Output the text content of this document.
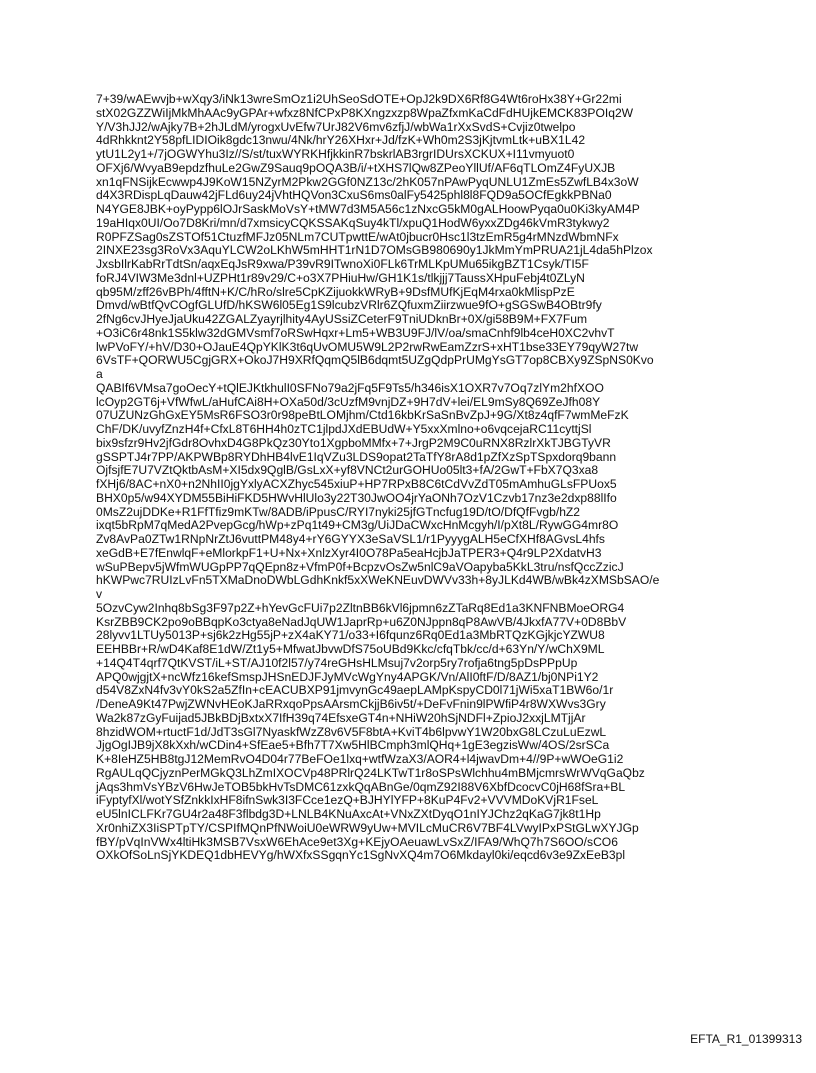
7+39/wAEwvjb+wXqy3/iNk13wreSmOz1i2UhSeoSdOTE+OpJ2k9DX6Rf8G4Wt6roHx38Y+Gr22mi
stX02GZZWiIjMkMhAAc9yGPAr+wfxz8NfCPxP8KXngzxzp8WpaZfxmKaCdFdHUjkEMCK83POIq2W
Y/V3hJJ2/wAjky7B+2hJLdM/yrogxUvEfw7UrJ82V6mv6zfjJ/wbWa1rXxSvdS+Cvjiz0twelpo
4dRhkknt2Y58pfLIDIOik8gdc13nwu/4Nk/hrY26XHxr+Jd/fzK+Wh0m2S3jKjtvmLtk+uBX1L42
ytU1L2y1+/7jOGWYhu3Iz//S/st/tuxWYRKHfjkkinR7bskrlAB3rgrIDUrsXCKUX+I11vmyuot0
OFXj6/WvyaB9epdzfhuLe2GwZ9Sauq9pOQA3B/i/+tXHS7lQw8ZPeoYllUf/AF6qTLOmZ4FyUXJB
xn1qFNSijkEcwwp4J9KoW15NZyrM2Pkw2GGf0NZ13c/2hK057nPAwPyqUNLU1ZmEs5ZwfLB4x3oW
d4X3RDispLqDauw42jFLd6uy24jVhtHQVon3CxuS6ms0alFy5425phl8l8FQD9a5OCfEgkkPBNa0
N4YGE8JBK+oyPypp6lOJrSaskMoVsY+tMW7d3M5A56c1zNxcG5kM0gALHoowPyqa0u0Ki3kyAM4P
19aHIqx0UI/Oo7D8Kri/mn/d7xmsicyCQKSSAKqSuy4kTl/xpuQ1HodW6yxxZDg46kVmR3tykwy2
R0PFZSag0sZSTOf51CtuzfMFJz05NLm7CUTpwttE/wAt0jbucr0Hsc1l3tzEmR5g4rMNzdWbmNFx
2INXE23sg3RoVx3AquYLCW2oLKhW5mHHT1rN1D7OMsGB980690y1JkMmYmPRUA21jL4da5hPlzox
JxsbIlrKabRrTdtSn/aqxEqJsR9xwa/P39vR9ITwnoXi0FLk6TrMLKpUMu65ikgBZT1Csyk/TI5F
foRJ4VIW3Me3dnl+UZPHt1r89v29/C+o3X7PHiuHw/GH1K1s/tlkjjj7TaussXHpuFebj4t0ZLyN
qb95M/zff26vBPh/4fftN+K/C/hRo/slre5CpKZijuokkWRyB+9DsfMUfKjEqM4rxa0kMlispPzE
Dmvd/wBtfQvCOgfGLUfD/hKSW6l05Eg1S9lcubzVRlr6ZQfuxmZiirzwue9fO+gSGSwB4OBtr9fy
2fNg6cvJHyeJjaUku42ZGALZyayrjlhity4AyUSsiZCeterF9TniUDknBr+0X/gi58B9M+FX7Fum
+O3iC6r48nk1S5klw32dGMVsmf7oRSwHqxr+Lm5+WB3U9FJ/lV/oa/smaCnhf9lb4ceH0XC2vhvT
lwPVoFY/+hV/D30+OJauE4QpYKlK3t6qUvOMU5W9L2P2rwRwEamZzrS+xHT1bse33EY79qyW27tw
6VsTF+QORWU5CgjGRX+OkoJ7H9XRfQqmQ5lB6dqmt5UZgQdpPrUMgYsGT7op8CBXy9ZSpNS0Kvo
a
QABIf6VMsa7goOecY+tQlEJKtkhulI0SFNo79a2jFq5F9Ts5/h346isX1OXR7v7Oq7zlYm2hfXOO
lcOyp2GT6j+VfWfwL/aHufCAi8H+OXa50d/3cUzfM9vnjDZ+9H7dV+lei/EL9mSy8Q69ZeJfh08Y
07UZUNzGhGxEY5MsR6FSO3r0r98peBtLOMjhm/Ctd16kbKrSaSnBvZpJ+9G/Xt8z4qfF7wmMeFzK
ChF/DK/uvyfZnzH4f+CfxL8T6HH4h0zTC1jlpdJXdEBUdW+Y5xxXmlno+o6vqcejaRC11cyttjSl
bix9sfzr9Hv2jfGdr8OvhxD4G8PkQz30Yto1XgpboMMfx+7+JrgP2M9C0uRNX8RzlrXkTJBGTyVR
gSSPTJ4r7PP/AKPWBp8RYDhHB4lvE1IqVZu3LDS9opat2TaTfY8rA8d1pZfXzSpTSpxdorq9bann
OjfsjfE7U7VZtQktbAsM+XI5dx9QglB/GsLxX+yf8VNCt2urGOHUo05lt3+fA/2GwT+FbX7Q3xa8
fXHj6/8AC+nX0+n2NhII0jgYxlyACXZhyc545xiuP+HP7RPxB8C6tCdVvZdT05mAmhuGLsFPUox5
BHX0p5/w94XYDM55BiHiFKD5HWvHlUlo3y22T30JwOO4jrYaONh7OzV1Czvb17nz3e2dxp88lIfo
0MsZ2ujDDKe+R1FfTfiz9mKTw/8ADB/iPpusC/RYI7nyki25jfGTncfug19D/tO/DfQfFvgb/hZ2
ixqt5bRpM7qMedA2PvepGcg/hWp+zPq1t49+CM3g/UiJDaCWxcHnMcgyh/I/pXt8L/RywGG4mr8O
Zv8AvPa0ZTw1RNpNrZtJ6vuttPM48y4+rY6GYYX3eSaVSL1/r1PyyygALH5eCfXHf8AGvsL4hfs
xeGdB+E7fEnwlqF+eMlorkpF1+U+Nx+XnlzXyr4I0O78Pa5eaHcjbJaTPER3+Q4r9LP2XdatvH3
wSuPBepv5jWfmWUGpPP7qQEpn8z+VfmP0f+BcpzvOsZw5nlC9aVOapyba5KkL3tru/nsfQccZzicJ
hKWPwc7RUIzLvFn5TXMaDnoDWbLGdhKnkf5xXWeKNEuvDWVv33h+8yJLKd4WB/wBk4zXMSbSAO/e
v
5OzvCyw2Inhq8bSg3F97p2Z+hYevGcFUi7p2ZltnBB6kVl6jpmn6zZTaRq8Ed1a3KNFNBMoeORG4
KsrZBB9CK2po9oBBqpKo3ctya8eNadJqUW1JaprRp+u6Z0NJppn8qP8AwVB/4JkxfA77V+0D8BbV
28lyvv1LTUy5013P+sj6k2zHg55jP+zX4aKY71/o33+I6fqunz6Rq0Ed1a3MbRTQzKGjkjcYZWU8
EEHBBr+R/wD4Kaf8E1dW/Zt1y5+MfwatJbvwDfS75oUBd9Kkc/cfqTbk/cc/d+63Yn/Y/wChX9ML
+14Q4T4qrf7QtKVST/iL+ST/AJ10f2l57/y74reGHsHLMsuj7v2orp5ry7rofja6tng5pDsPPpUp
APQ0wjgjtX+ncWfz16kefSmspJHSnEDJFJyMVcWgYny4APGK/Vn/AlI0ftF/D/8AZ1/bj0NPi1Y2
d54V8ZxN4fv3vY0kS2a5ZfIn+cEACUBXP91jmvynGc49aepLAMpKspyCD0l71jWi5xaT1BW6o/1r
/DeneA9Kt47PwjZWNvHEoKJaRRxqoPpsAArsmCkjjB6iv5t/+DeFvFnin9lPWfiP4r8WXWvs3Gry
Wa2k87zGyFuijad5JBkBDjBxtxX7IfH39q74EfsxeGT4n+NHiW20hSjNDFl+ZpioJ2xxjLMTjjAr
8hzidWOM+rtuctF1d/JdT3sGl7NyaskfWzZ8v6V5F8btA+KviT4b6lpvwY1W20bxG8LCzuLuEzwL
JjgOgIJB9jX8kXxh/wCDin4+SfEae5+Bfh7T7Xw5HlBCmph3mlQHq+1gE3egzisWw/4OS/2srSCa
K+8IeHZ5HB8tgJ12MemRvO4D04r77BeFOe1lxq+wtfWzaX3/AOR4+l4jwavDm+4//9P+wWOeG1i2
RgAULqQCjyznPerMGkQ3LhZmIXOCVp48PRlrQ24LKTwT1r8oSPsWlchhu4mBMjcmrsWrWVqGaQbz
jAqs3hmVsYBzV6HwJeTOB5bkHvTsDMC61zxkQqABnGe/0qmZ92I88V6XbfDcocvC0jH68fSra+BL
iFyptyfXl/wotYSfZnkkIxHF8ifnSwk3I3FCce1ezQ+BJHYlYFP+8KuP4Fv2+VVVMDoKVjR1FseL
eU5lnICLFKr7GU4r2a48F3flbdg3D+LNLB4KNuAxcAt+VNxZXtDyqO1nIYJChz2qKaG7jk8t1Hp
Xr0nhiZX3IiSPTpTY/CSPIfMQnPfNWoiU0eWRW9yUw+MVILcMuCR6V7BF4LVwyIPxPStGLwXYJGp
fBY/pVqInVWx4ltiHk3MSB7VsxW6EhAce9et3Xg+KEjyOAeuawLvSxZ/IFA9/WhQ7h7S6OO/sCO6
OXkOfSoLnSjYKDEQ1dbHEVYg/hWXfxSSgqnYc1SgNvXQ4m7O6Mkdayl0ki/eqcd6v3e9ZxEeB3pl
EFTA_R1_01399313
